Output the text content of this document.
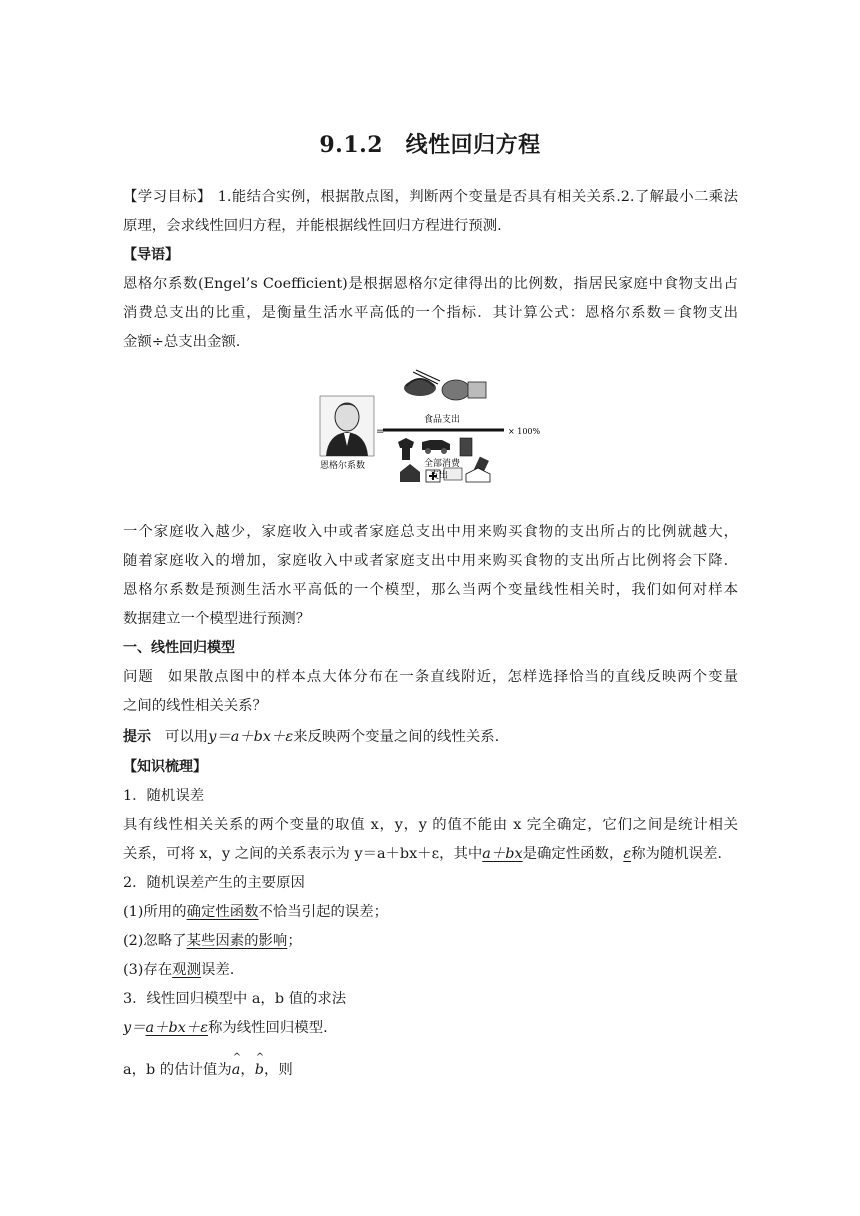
9.1.2　线性回归方程
【学习目标】 1.能结合实例，根据散点图，判断两个变量是否具有相关关系.2.了解最小二乘法
原理，会求线性回归方程，并能根据线性回归方程进行预测.
【导语】
恩格尔系数(Engel’s Coefficient)是根据恩格尔定律得出的比例数，指居民家庭中食物支出占
消费总支出的比重，是衡量生活水平高低的一个指标．其计算公式：恩格尔系数＝食物支出
金额÷总支出金额.
恩格尔系数
=
食品支出
× 100%
全部消费
支出
一个家庭收入越少，家庭收入中或者家庭总支出中用来购买食物的支出所占的比例就越大，
随着家庭收入的增加，家庭收入中或者家庭支出中用来购买食物的支出所占比例将会下降．
恩格尔系数是预测生活水平高低的一个模型，那么当两个变量线性相关时，我们如何对样本
数据建立一个模型进行预测？
一、线性回归模型
问题 如果散点图中的样本点大体分布在一条直线附近，怎样选择恰当的直线反映两个变量
之间的线性相关关系？
提示 可以用y＝a＋bx＋ε来反映两个变量之间的线性关系.
【知识梳理】
1．随机误差
具有线性相关关系的两个变量的取值 x，y，y 的值不能由 x 完全确定，它们之间是统计相关
关系，可将 x，y 之间的关系表示为 y＝a＋bx＋ε，其中a＋bx是确定性函数，ε称为随机误差.
2．随机误差产生的主要原因
(1)所用的确定性函数不恰当引起的误差；
(2)忽略了某些因素的影响；
(3)存在观测误差.
3．线性回归模型中 a，b 值的求法
y＝a＋bx＋ε称为线性回归模型.
a，b 的估计值为^ a，^ b，则
